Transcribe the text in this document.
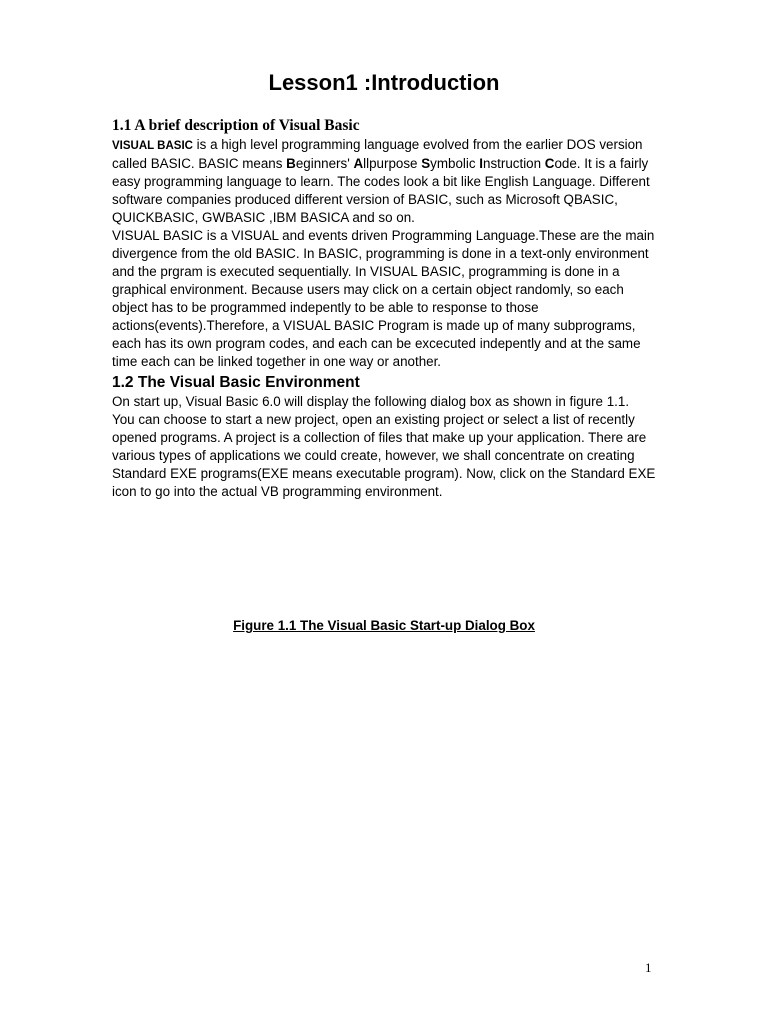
Lesson1 :Introduction

1.1 A brief description of Visual Basic

VISUAL BASIC is a high level programming language evolved from the earlier DOS version called BASIC. BASIC means Beginners' Allpurpose Symbolic Instruction Code. It is a fairly easy programming language to learn. The codes look a bit like English Language. Different software companies produced different version of BASIC, such as Microsoft QBASIC, QUICKBASIC, GWBASIC ,IBM BASICA and so on.

VISUAL BASIC is a VISUAL and events driven Programming Language.These are the main divergence from the old BASIC. In BASIC, programming is done in a text-only environment and the prgram is executed sequentially. In VISUAL BASIC, programming is done in a graphical environment. Because users may click on a certain object randomly, so each object has to be programmed indepently to be able to response to those actions(events).Therefore, a VISUAL BASIC Program is made up of many subprograms, each has its own program codes, and each can be excecuted indepently and at the same time each can be linked together in one way or another.

1.2 The Visual Basic Environment

On start up, Visual Basic 6.0 will display the following dialog box as shown in figure 1.1.

You can choose to start a new project, open an existing project or select a list of recently opened programs. A project is a collection of files that make up your application. There are various types of applications we could create, however, we shall concentrate on creating Standard EXE programs(EXE means executable program). Now, click on the Standard EXE icon to go into the actual VB programming environment.

Figure 1.1 The Visual Basic Start-up Dialog Box
1
